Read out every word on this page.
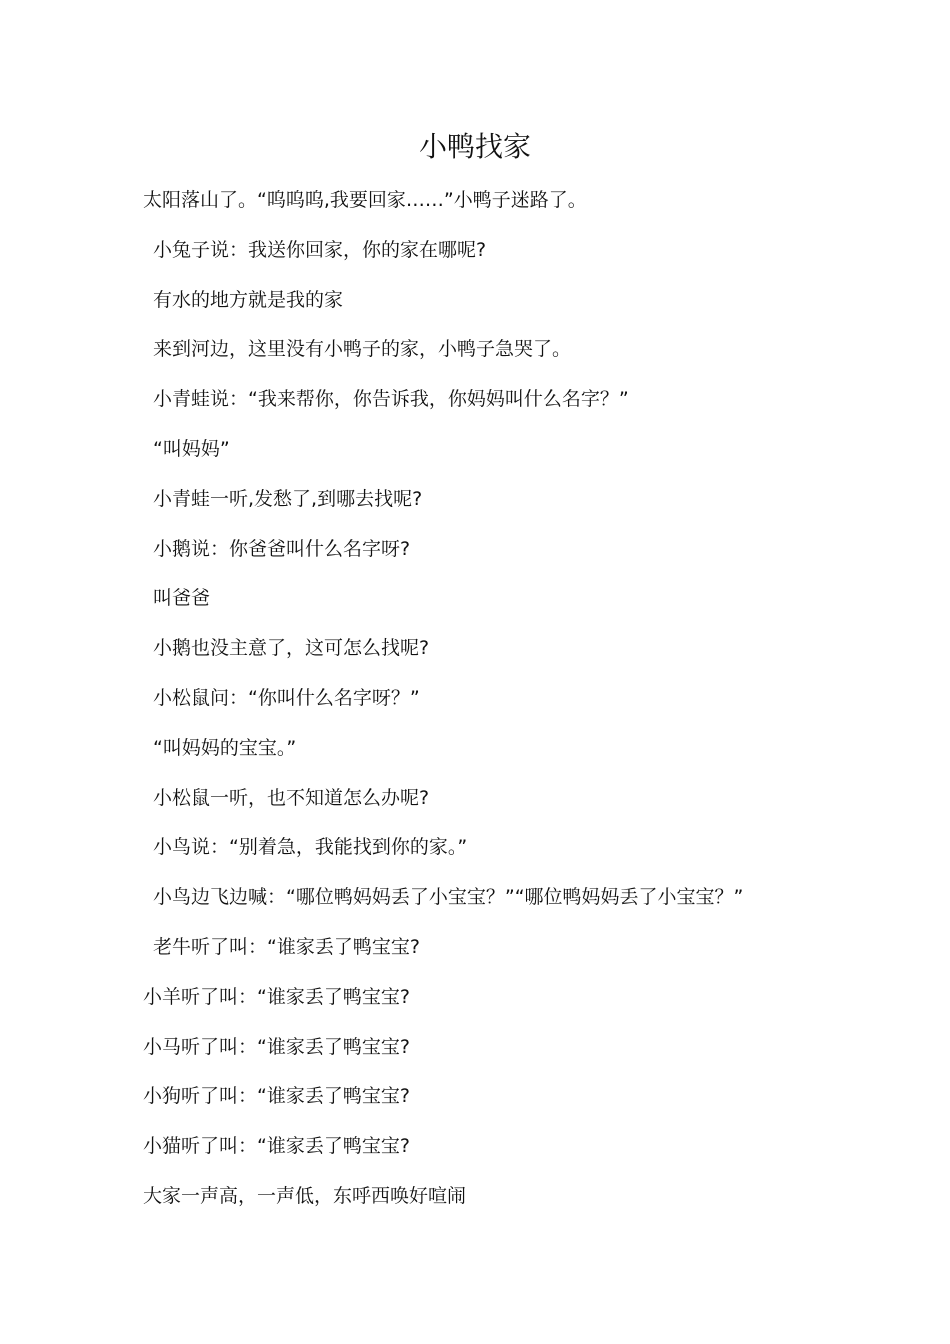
小鸭找家
太阳落山了。“呜呜呜,我要回家……”小鸭子迷路了。
小兔子说：我送你回家，你的家在哪呢?
有水的地方就是我的家
来到河边，这里没有小鸭子的家，小鸭子急哭了。
小青蛙说：“我来帮你，你告诉我，你妈妈叫什么名字？”
“叫妈妈”
小青蛙一听,发愁了,到哪去找呢?
小鹅说：你爸爸叫什么名字呀?
叫爸爸
小鹅也没主意了，这可怎么找呢?
小松鼠问：“你叫什么名字呀？”
“叫妈妈的宝宝。”
小松鼠一听，也不知道怎么办呢?
小鸟说：“别着急，我能找到你的家。”
小鸟边飞边喊：“哪位鸭妈妈丢了小宝宝？”“哪位鸭妈妈丢了小宝宝？”
老牛听了叫：“谁家丢了鸭宝宝?
小羊听了叫：“谁家丢了鸭宝宝?
小马听了叫：“谁家丢了鸭宝宝?
小狗听了叫：“谁家丢了鸭宝宝?
小猫听了叫：“谁家丢了鸭宝宝?
大家一声高，一声低，东呼西唤好喧闹
